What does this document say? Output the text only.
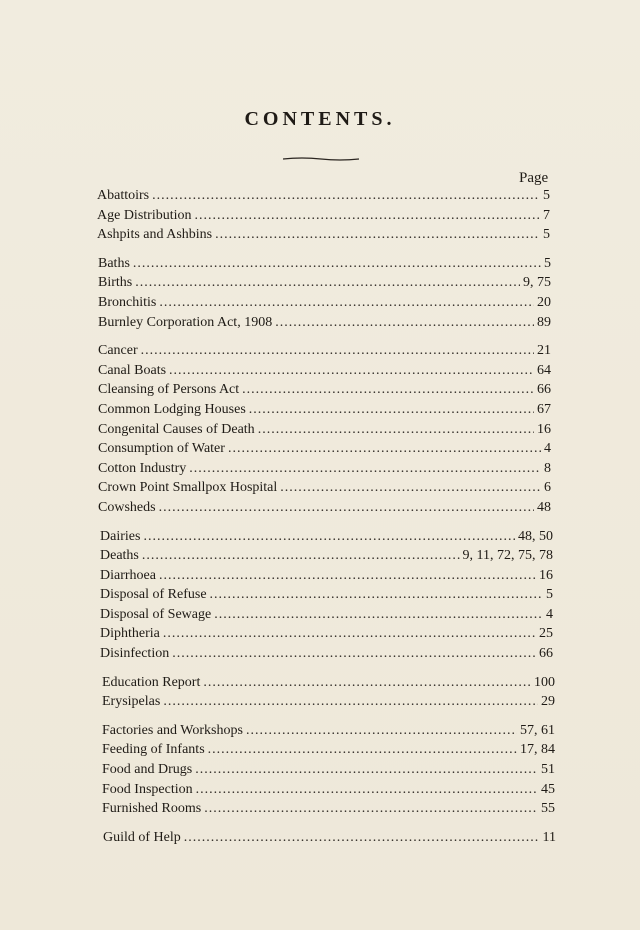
CONTENTS.
Page
Abattoirs .....	5
Age Distribution .....	7
Ashpits and Ashbins .....	5
Baths .....	5
Births .....	9, 75
Bronchitis .....	20
Burnley Corporation Act, 1908 .....	89
Cancer .....	21
Canal Boats .....	64
Cleansing of Persons Act .....	66
Common Lodging Houses .....	67
Congenital Causes of Death .....	16
Consumption of Water .....	4
Cotton Industry .....	8
Crown Point Smallpox Hospital .....	6
Cowsheds .....	48
Dairies .....	48, 50
Deaths .....	9, 11, 72, 75, 78
Diarrhoea .....	16
Disposal of Refuse .....	5
Disposal of Sewage .....	4
Diphtheria .....	25
Disinfection .....	66
Education Report .....	100
Erysipelas .....	29
Factories and Workshops .....	57, 61
Feeding of Infants .....	17, 84
Food and Drugs .....	51
Food Inspection .....	45
Furnished Rooms .....	55
Guild of Help .....	11
